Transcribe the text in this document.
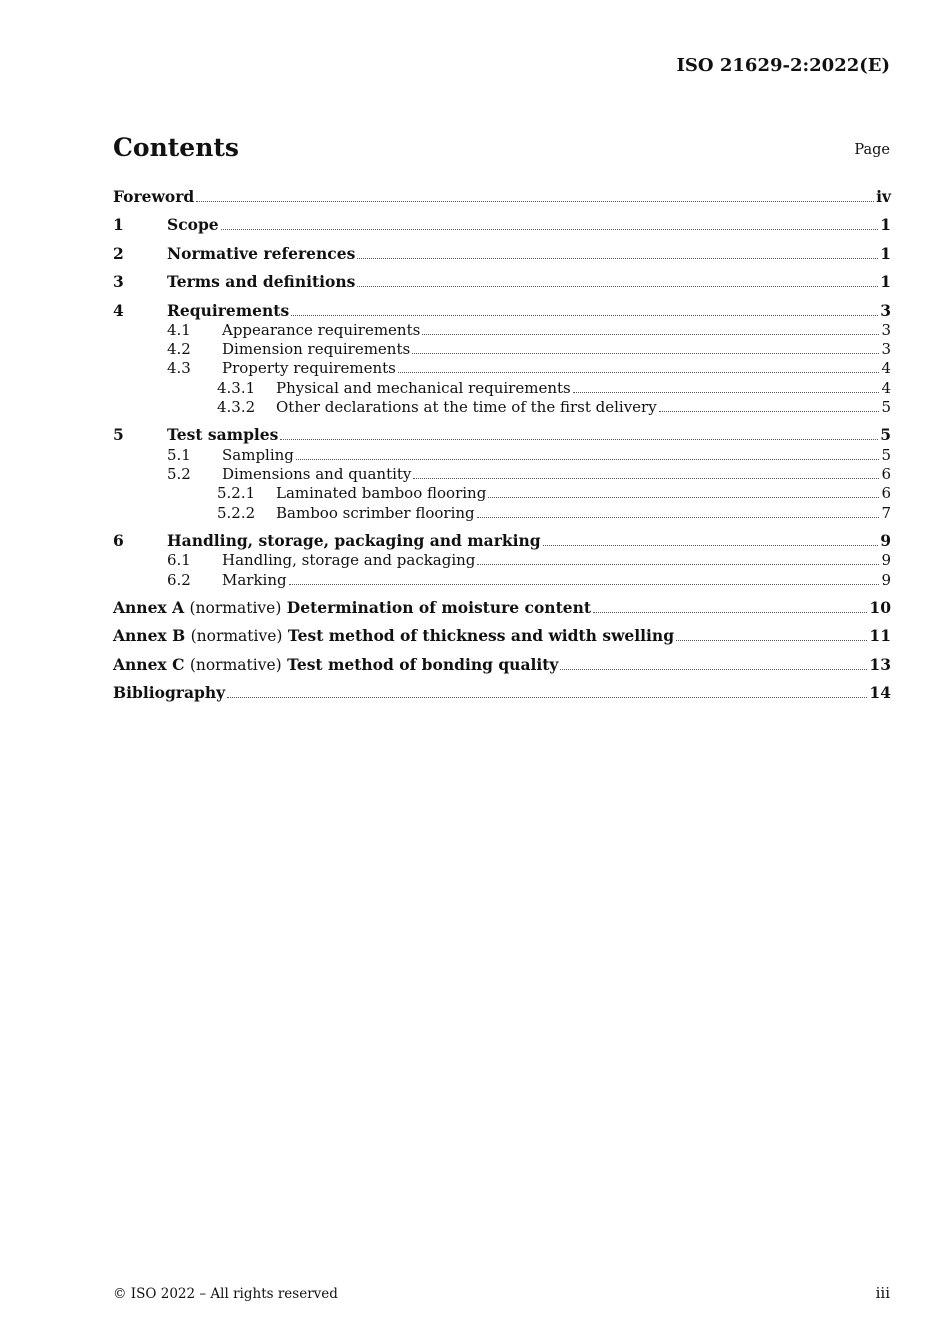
ISO 21629-2:2022(E)
Contents	Page
Foreword	iv
1	Scope	1
2	Normative references	1
3	Terms and definitions	1
4	Requirements	3
4.1	Appearance requirements	3
4.2	Dimension requirements	3
4.3	Property requirements	4
4.3.1	Physical and mechanical requirements	4
4.3.2	Other declarations at the time of the first delivery	5
5	Test samples	5
5.1	Sampling	5
5.2	Dimensions and quantity	6
5.2.1	Laminated bamboo flooring	6
5.2.2	Bamboo scrimber flooring	7
6	Handling, storage, packaging and marking	9
6.1	Handling, storage and packaging	9
6.2	Marking	9
Annex A (normative) Determination of moisture content	10
Annex B (normative) Test method of thickness and width swelling	11
Annex C (normative) Test method of bonding quality	13
Bibliography	14
© ISO 2022 – All rights reserved	iii
